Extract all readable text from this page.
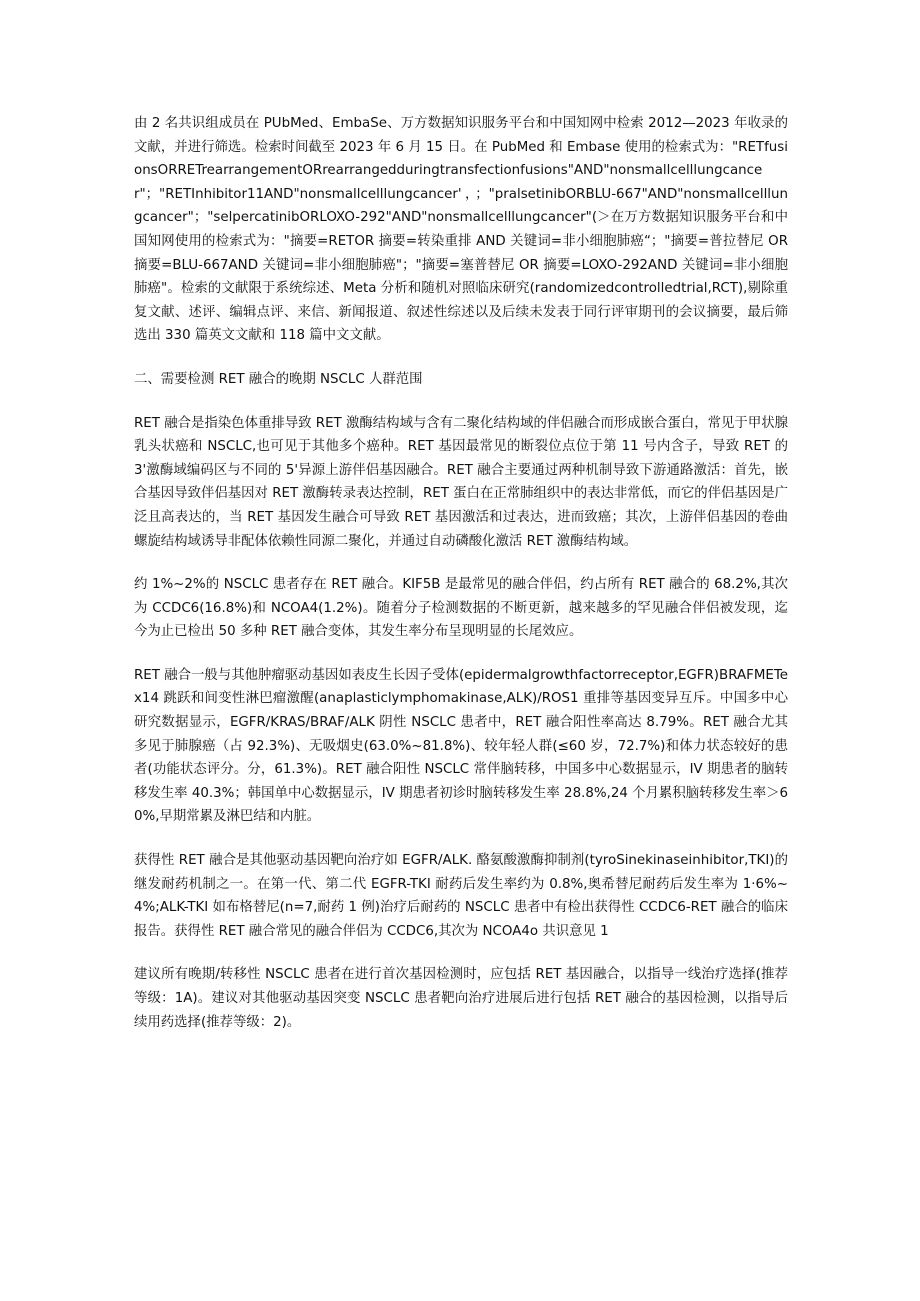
由 2 名共识组成员在 PUbMed、EmbaSe、万方数据知识服务平台和中国知网中检索 2012—2023 年收录的文献，并进行筛选。检索时间截至 2023 年 6 月 15 日。在 PubMed 和 Embase 使用的检索式为："RETfusionsORRETrearrangementORrearrangedduringtransfectionfusions"AND"nonsmallcelllungcancer"；"RETInhibitor11AND"nonsmallcelllungcancer'，；"pralsetinibORBLU-667"AND"nonsmallcelllungcancer"；"selpercatinibORLOXO-292"AND"nonsmallcelllungcancer"(＞在万方数据知识服务平台和中国知网使用的检索式为："摘要=RETOR 摘要=转染重排 AND 关键词=非小细胞肺癌“；"摘要=普拉替尼 OR 摘要=BLU-667AND 关键词=非小细胞肺癌"；"摘要=塞普替尼 OR 摘要=LOXO-292AND 关键词=非小细胞肺癌"。检索的文献限于系统综述、Meta 分析和随机对照临床研究(randomizedcontrolledtrial,RCT),剔除重复文献、述评、编辑点评、来信、新闻报道、叙述性综述以及后续未发表于同行评审期刊的会议摘要，最后筛选出 330 篇英文文献和 118 篇中文文献。

二、需要检测 RET 融合的晚期 NSCLC 人群范围

RET 融合是指染色体重排导致 RET 激酶结构域与含有二聚化结构域的伴侣融合而形成嵌合蛋白，常见于甲状腺乳头状癌和 NSCLC,也可见于其他多个癌种。RET 基因最常见的断裂位点位于第 11 号内含子，导致 RET 的 3'激酶域编码区与不同的 5'异源上游伴侣基因融合。RET 融合主要通过两种机制导致下游通路激活：首先，嵌合基因导致伴侣基因对 RET 激酶转录表达控制，RET 蛋白在正常肺组织中的表达非常低，而它的伴侣基因是广泛且高表达的，当 RET 基因发生融合可导致 RET 基因激活和过表达，进而致癌；其次，上游伴侣基因的卷曲螺旋结构域诱导非配体依赖性同源二聚化，并通过自动磷酸化激活 RET 激酶结构域。

约 1%~2%的 NSCLC 患者存在 RET 融合。KIF5B 是最常见的融合伴侣，约占所有 RET 融合的 68.2%,其次为 CCDC6(16.8%)和 NCOA4(1.2%)。随着分子检测数据的不断更新，越来越多的罕见融合伴侣被发现，迄今为止已检出 50 多种 RET 融合变体，其发生率分布呈现明显的长尾效应。

RET 融合一般与其他肿瘤驱动基因如表皮生长因子受体(epidermalgrowthfactorreceptor,EGFR)BRAFMETex14 跳跃和间变性淋巴瘤激醒(anaplasticlymphomakinase,ALK)∕ROS1 重排等基因变异互斥。中国多中心研究数据显示，EGFR/KRAS∕BRAF∕ALK 阴性 NSCLC 患者中，RET 融合阳性率高达 8.79%。RET 融合尤其多见于肺腺癌（占 92.3%)、无吸烟史(63.0%~81.8%)、较年轻人群(≤60 岁，72.7%)和体力状态较好的患者(功能状态评分。分，61.3%)。RET 融合阳性 NSCLC 常伴脑转移，中国多中心数据显示，IV 期患者的脑转移发生率 40.3%；韩国单中心数据显示，IV 期患者初诊时脑转移发生率 28.8%,24 个月累积脑转移发生率＞60%,早期常累及淋巴结和内脏。

获得性 RET 融合是其他驱动基因靶向治疗如 EGFR/ALK. 酪氨酸激酶抑制剂(tyroSinekinaseinhibitor,TKI)的继发耐药机制之一。在第一代、第二代 EGFR-TKI 耐药后发生率约为 0.8%,奥希替尼耐药后发生率为 1·6%~4%;ALK-TKI 如布格替尼(n=7,耐药 1 例)治疗后耐药的 NSCLC 患者中有检出获得性 CCDC6-RET 融合的临床报告。获得性 RET 融合常见的融合伴侣为 CCDC6,其次为 NCOA4o 共识意见 1

建议所有晚期/转移性 NSCLC 患者在进行首次基因检测时，应包括 RET 基因融合，以指导一线治疗选择(推荐等级：1A)。建议对其他驱动基因突变 NSCLC 患者靶向治疗进展后进行包括 RET 融合的基因检测，以指导后续用药选择(推荐等级：2)。
